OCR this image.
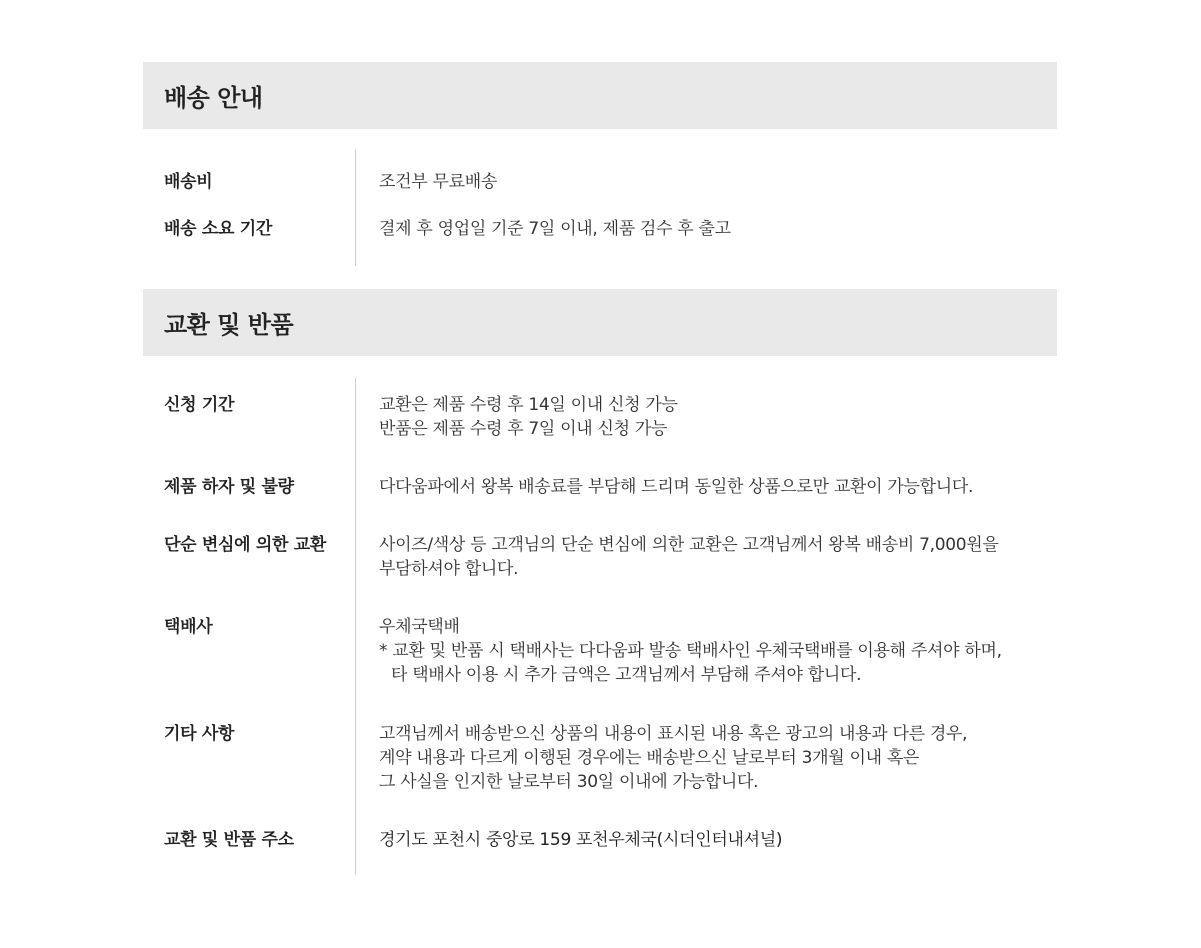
배송 안내
배송비	조건부 무료배송
배송 소요 기간	결제 후 영업일 기준 7일 이내, 제품 검수 후 출고
교환 및 반품
신청 기간	교환은 제품 수령 후 14일 이내 신청 가능
반품은 제품 수령 후 7일 이내 신청 가능
제품 하자 및 불량	다다움파에서 왕복 배송료를 부담해 드리며 동일한 상품으로만 교환이 가능합니다.
단순 변심에 의한 교환	사이즈/색상 등 고객님의 단순 변심에 의한 교환은 고객님께서 왕복 배송비 7,000원을
부담하셔야 합니다.
택배사	우체국택배
* 교환 및 반품 시 택배사는 다다움파 발송 택배사인 우체국택배를 이용해 주셔야 하며,
타 택배사 이용 시 추가 금액은 고객님께서 부담해 주셔야 합니다.
기타 사항	고객님께서 배송받으신 상품의 내용이 표시된 내용 혹은 광고의 내용과 다른 경우,
계약 내용과 다르게 이행된 경우에는 배송받으신 날로부터 3개월 이내 혹은
그 사실을 인지한 날로부터 30일 이내에 가능합니다.
교환 및 반품 주소	경기도 포천시 중앙로 159 포천우체국(시더인터내셔널)
